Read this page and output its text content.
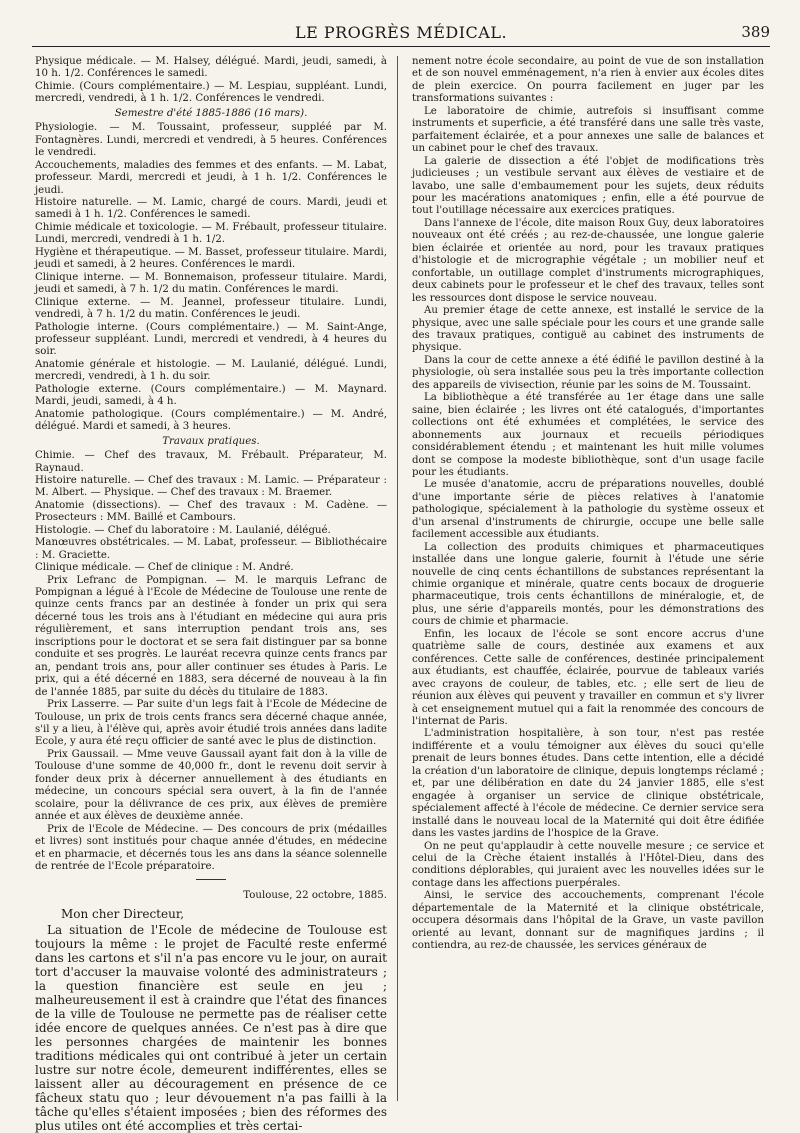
LE PROGRÈS MÉDICAL.	389

Physique médicale. — M. Halsey, délégué. Mardi, jeudi, samedi, à 10 h. 1/2. Conférences le samedi.

Chimie. (Cours complémentaire.) — M. Lespiau, suppléant. Lundi, mercredi, vendredi, à 1 h. 1/2. Conférences le vendredi.

Semestre d'été 1885-1886 (16 mars).

Physiologie. — M. Toussaint, professeur, suppléé par M. Fontagnères. Lundi, mercredi et vendredi, à 5 heures. Conférences le vendredi.

Accouchements, maladies des femmes et des enfants. — M. Labat, professeur. Mardi, mercredi et jeudi, à 1 h. 1/2. Conférences le jeudi.

Histoire naturelle. — M. Lamic, chargé de cours. Mardi, jeudi et samedi à 1 h. 1/2. Conférences le samedi.

Chimie médicale et toxicologie. — M. Frébault, professeur titulaire. Lundi, mercredi, vendredi à 1 h. 1/2.

Hygiène et thérapeutique. — M. Basset, professeur titulaire. Mardi, jeudi et samedi, à 2 heures. Conférences le mardi.

Clinique interne. — M. Bonnemaison, professeur titulaire. Mardi, jeudi et samedi, à 7 h. 1/2 du matin. Conférences le mardi.

Clinique externe. — M. Jeannel, professeur titulaire. Lundi, vendredi, à 7 h. 1/2 du matin. Conférences le jeudi.

Pathologie interne. (Cours complémentaire.) — M. Saint-Ange, professeur suppléant. Lundi, mercredi et vendredi, à 4 heures du soir.

Anatomie générale et histologie. — M. Laulanié, délégué. Lundi, mercredi, vendredi, à 1 h. du soir.

Pathologie externe. (Cours complémentaire.) — M. Maynard. Mardi, jeudi, samedi, à 4 h.

Anatomie pathologique. (Cours complémentaire.) — M. André, délégué. Mardi et samedi, à 3 heures.

Travaux pratiques.

Chimie. — Chef des travaux, M. Frébault. Préparateur, M. Raynaud.

Histoire naturelle. — Chef des travaux : M. Lamic. — Préparateur : M. Albert. — Physique. — Chef des travaux : M. Braemer.

Anatomie (dissections). — Chef des travaux : M. Cadène. — Prosecteurs : MM. Baillé et Cambours.

Histologie. — Chef du laboratoire : M. Laulanié, délégué.

Manœuvres obstétricales. — M. Labat, professeur. — Bibliothécaire : M. Graciette.

Clinique médicale. — Chef de clinique : M. André.

Prix Lefranc de Pompignan. — M. le marquis Lefranc de Pompignan a légué à l'Ecole de Médecine de Toulouse une rente de quinze cents francs par an destinée à fonder un prix qui sera décerné tous les trois ans à l'étudiant en médecine qui aura pris régulièrement, et sans interruption pendant trois ans, ses inscriptions pour le doctorat et se sera fait distinguer par sa bonne conduite et ses progrès. Le lauréat recevra quinze cents francs par an, pendant trois ans, pour aller continuer ses études à Paris. Le prix, qui a été décerné en 1883, sera décerné de nouveau à la fin de l'année 1885, par suite du décès du titulaire de 1883.

Prix Lasserre. — Par suite d'un legs fait à l'Ecole de Médecine de Toulouse, un prix de trois cents francs sera décerné chaque année, s'il y a lieu, à l'élève qui, après avoir étudié trois années dans ladite Ecole, y aura été reçu officier de santé avec le plus de distinction.

Prix Gaussail. — Mme veuve Gaussail ayant fait don à la ville de Toulouse d'une somme de 40,000 fr., dont le revenu doit servir à fonder deux prix à décerner annuellement à des étudiants en médecine, un concours spécial sera ouvert, à la fin de l'année scolaire, pour la délivrance de ces prix, aux élèves de première année et aux élèves de deuxième année.

Prix de l'Ecole de Médecine. — Des concours de prix (médailles et livres) sont institués pour chaque année d'études, en médecine et en pharmacie, et décernés tous les ans dans la séance solennelle de rentrée de l'Ecole préparatoire.

Toulouse, 22 octobre, 1885.

Mon cher Directeur,

La situation de l'Ecole de médecine de Toulouse est toujours la même : le projet de Faculté reste enfermé dans les cartons et s'il n'a pas encore vu le jour, on aurait tort d'accuser la mauvaise volonté des administrateurs ; la question financière est seule en jeu ; malheureusement il est à craindre que l'état des finances de la ville de Toulouse ne permette pas de réaliser cette idée encore de quelques années. Ce n'est pas à dire que les personnes chargées de maintenir les bonnes traditions médicales qui ont contribué à jeter un certain lustre sur notre école, demeurent indifférentes, elles se laissent aller au découragement en présence de ce fâcheux statu quo ; leur dévouement n'a pas failli à la tâche qu'elles s'étaient imposées ; bien des réformes des plus utiles ont été accomplies et très certai-

nement notre école secondaire, au point de vue de son installation et de son nouvel emménagement, n'a rien à envier aux écoles dites de plein exercice. On pourra facilement en juger par les transformations suivantes :

Le laboratoire de chimie, autrefois si insuffisant comme instruments et superficie, a été transféré dans une salle très vaste, parfaitement éclairée, et a pour annexes une salle de balances et un cabinet pour le chef des travaux.

La galerie de dissection a été l'objet de modifications très judicieuses ; un vestibule servant aux élèves de vestiaire et de lavabo, une salle d'embaumement pour les sujets, deux réduits pour les macérations anatomiques ; enfin, elle a été pourvue de tout l'outillage nécessaire aux exercices pratiques.

Dans l'annexe de l'école, dite maison Roux Guy, deux laboratoires nouveaux ont été créés ; au rez-de-chaussée, une longue galerie bien éclairée et orientée au nord, pour les travaux pratiques d'histologie et de micrographie végétale ; un mobilier neuf et confortable, un outillage complet d'instruments micrographiques, deux cabinets pour le professeur et le chef des travaux, telles sont les ressources dont dispose le service nouveau.

Au premier étage de cette annexe, est installé le service de la physique, avec une salle spéciale pour les cours et une grande salle des travaux pratiques, contiguë au cabinet des instruments de physique.

Dans la cour de cette annexe a été édifié le pavillon destiné à la physiologie, où sera installée sous peu la très importante collection des appareils de vivisection, réunie par les soins de M. Toussaint.

La bibliothèque a été transférée au 1er étage dans une salle saine, bien éclairée ; les livres ont été catalogués, d'importantes collections ont été exhumées et complétées, le service des abonnements aux journaux et recueils périodiques considérablement étendu ; et maintenant les huit mille volumes dont se compose la modeste bibliothèque, sont d'un usage facile pour les étudiants.

Le musée d'anatomie, accru de préparations nouvelles, doublé d'une importante série de pièces relatives à l'anatomie pathologique, spécialement à la pathologie du système osseux et d'un arsenal d'instruments de chirurgie, occupe une belle salle facilement accessible aux étudiants.

La collection des produits chimiques et pharmaceutiques installée dans une longue galerie, fournit à l'étude une série nouvelle de cinq cents échantillons de substances représentant la chimie organique et minérale, quatre cents bocaux de droguerie pharmaceutique, trois cents échantillons de minéralogie, et, de plus, une série d'appareils montés, pour les démonstrations des cours de chimie et pharmacie.

Enfin, les locaux de l'école se sont encore accrus d'une quatrième salle de cours, destinée aux examens et aux conférences. Cette salle de conférences, destinée principalement aux étudiants, est chauffée, éclairée, pourvue de tableaux variés avec crayons de couleur, de tables, etc. ; elle sert de lieu de réunion aux élèves qui peuvent y travailler en commun et s'y livrer à cet enseignement mutuel qui a fait la renommée des concours de l'internat de Paris.

L'administration hospitalière, à son tour, n'est pas restée indifférente et a voulu témoigner aux élèves du souci qu'elle prenait de leurs bonnes études. Dans cette intention, elle a décidé la création d'un laboratoire de clinique, depuis longtemps réclamé ; et, par une délibération en date du 24 janvier 1885, elle s'est engagée à organiser un service de clinique obstétricale, spécialement affecté à l'école de médecine. Ce dernier service sera installé dans le nouveau local de la Maternité qui doit être édifiée dans les vastes jardins de l'hospice de la Grave.

On ne peut qu'applaudir à cette nouvelle mesure ; ce service et celui de la Crèche étaient installés à l'Hôtel-Dieu, dans des conditions déplorables, qui juraient avec les nouvelles idées sur le contage dans les affections puerpérales.

Ainsi, le service des accouchements, comprenant l'école départementale de la Maternité et la clinique obstétricale, occupera désormais dans l'hôpital de la Grave, un vaste pavillon orienté au levant, donnant sur de magnifiques jardins ; il contiendra, au rez-de chaussée, les services généraux de
